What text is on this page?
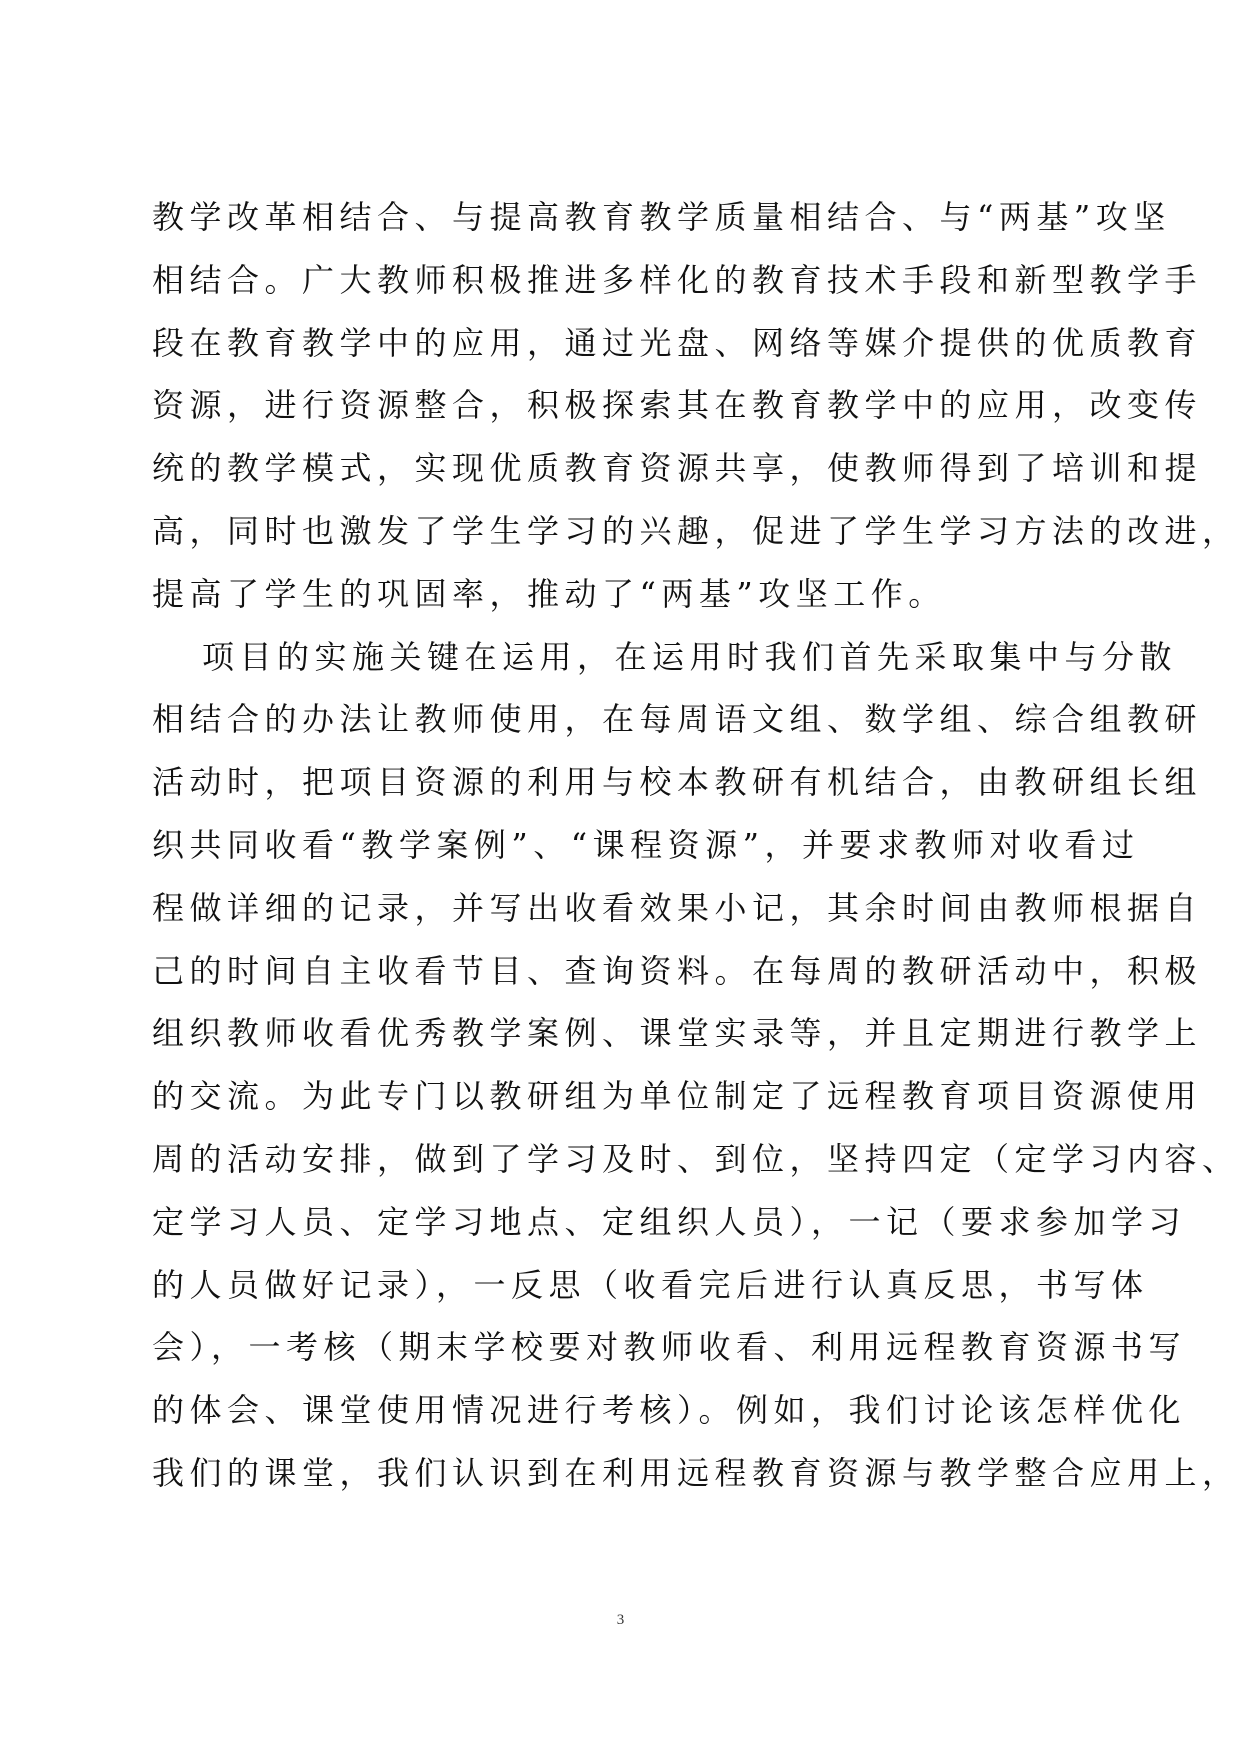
教学改革相结合、与提高教育教学质量相结合、与“两基”攻坚
相结合。广大教师积极推进多样化的教育技术手段和新型教学手
段在教育教学中的应用，通过光盘、网络等媒介提供的优质教育
资源，进行资源整合，积极探索其在教育教学中的应用，改变传
统的教学模式，实现优质教育资源共享，使教师得到了培训和提
高，同时也激发了学生学习的兴趣，促进了学生学习方法的改进，
提高了学生的巩固率，推动了“两基”攻坚工作。
项目的实施关键在运用，在运用时我们首先采取集中与分散
相结合的办法让教师使用，在每周语文组、数学组、综合组教研
活动时，把项目资源的利用与校本教研有机结合，由教研组长组
织共同收看“教学案例”、“课程资源”，并要求教师对收看过
程做详细的记录，并写出收看效果小记，其余时间由教师根据自
己的时间自主收看节目、查询资料。在每周的教研活动中，积极
组织教师收看优秀教学案例、课堂实录等，并且定期进行教学上
的交流。为此专门以教研组为单位制定了远程教育项目资源使用
周的活动安排，做到了学习及时、到位，坚持四定（定学习内容、
定学习人员、定学习地点、定组织人员），一记（要求参加学习
的人员做好记录），一反思（收看完后进行认真反思，书写体
会），一考核（期末学校要对教师收看、利用远程教育资源书写
的体会、课堂使用情况进行考核）。例如，我们讨论该怎样优化
我们的课堂，我们认识到在利用远程教育资源与教学整合应用上，
3
